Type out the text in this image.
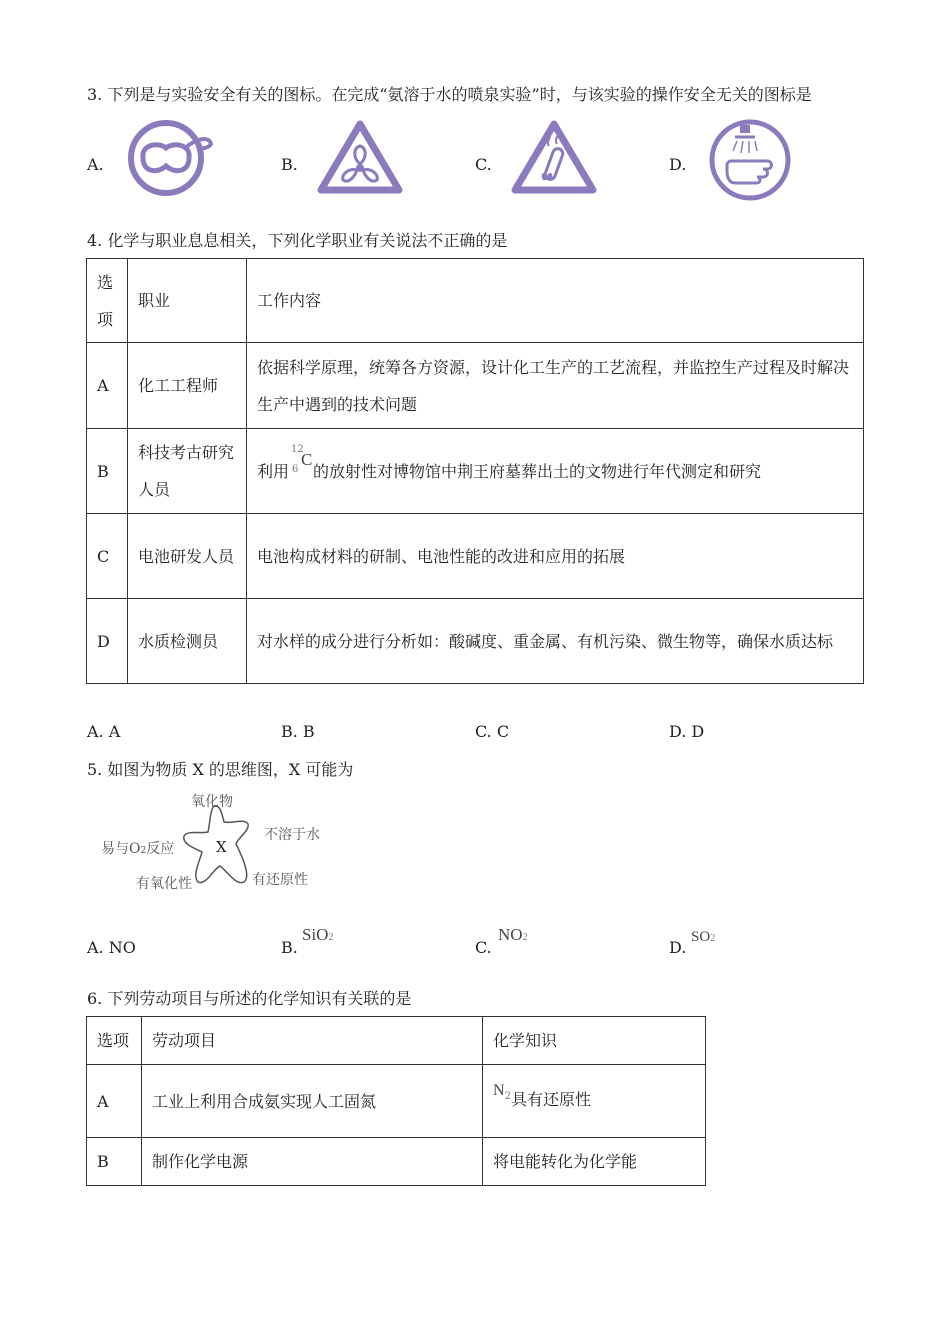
3. 下列是与实验安全有关的图标。在完成“氨溶于水的喷泉实验”时，与该实验的操作安全无关的图标是
A.	B.	C.	D.
4. 化学与职业息息相关，下列化学职业有关说法不正确的是
选项	职业	工作内容
A	化工工程师	依据科学原理，统筹各方资源，设计化工生产的工艺流程，并监控生产过程及时解决生产中遇到的技术问题
B	科技考古研究人员	利用
12
6
C
的放射性对博物馆中荆王府墓葬出土的文物进行年代测定和研究
C	电池研发人员	电池构成材料的研制、电池性能的改进和应用的拓展
D	水质检测员	对水样的成分进行分析如：酸碱度、重金属、有机污染、微生物等，确保水质达标
A. A	B. B	C. C	D. D
5. 如图为物质 X 的思维图，X 可能为
X
氧化物
不溶于水
易与O2反应
有氧化性	有还原性
A. NO	B.
SiO2
C.
NO2
D.
SO2
6. 下列劳动项目与所述的化学知识有关联的是
选项	劳动项目	化学知识
A	工业上利用合成氨实现人工固氮	$N^2$具有还原性
B	制作化学电源	将电能转化为化学能
